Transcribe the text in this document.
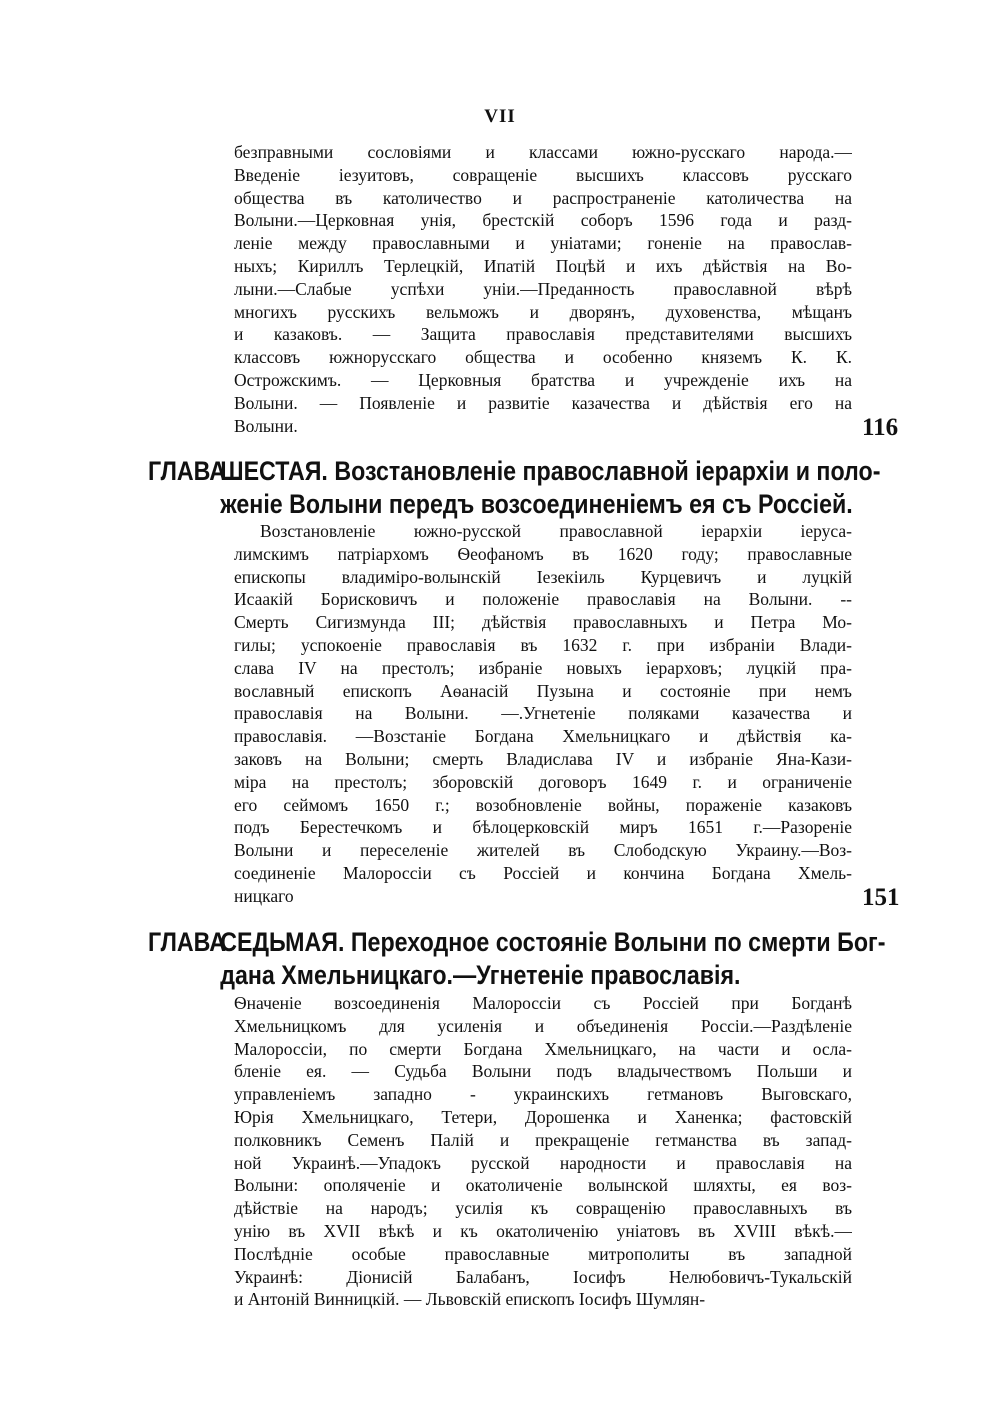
VII

безправными сословіями и классами южно-русскаго народа.—
Введеніе іезуитовъ, совращеніе высшихъ классовъ русскаго
общества въ католичество и распространеніе католичества на
Волыни.—Церковная унія, брестскій соборъ 1596 года и разд-
леніе между православными и уніатами; гоненіе на православ-
ныхъ; Кириллъ Терлецкій, Ипатій Поцѣй и ихъ дѣйствія на Во-
лыни.—Слабые успѣхи уніи.—Преданность православной вѣрѣ
многихъ русскихъ вельможъ и дворянъ, духовенства, мѣщанъ
и казаковъ. — Защита православія представителями высшихъ
классовъ южнорусскаго общества и особенно княземъ К. К.
Острожскимъ. — Церковныя братства и учрежденіе ихъ на
Волыни. — Появленіе и развитіе казачества и дѣйствія его на
Волыни.	116
ГЛАВАШЕСТАЯ. Возстановленіе православной іерархіи и поло-
женіе Волыни передъ возсоединеніемъ ея съ Россіей.

Возстановленіе южно-русской православной іерархіи іеруса-
лимскимъ патріархомъ Ѳеофаномъ въ 1620 году; православные
епископы владиміро-волынскій Іезекіиль Курцевичъ и луцкій
Исаакій Борисковичъ и положеніе православія на Волыни. --
Смерть Сигизмунда III; дѣйствія православныхъ и Петра Мо-
гилы; успокоеніе православія въ 1632 г. при избраніи Влади-
слава IV на престолъ; избраніе новыхъ іерарховъ; луцкій пра-
вославный епископъ Аѳанасій Пузына и состояніе при немъ
православія на Волыни. —.Угнетеніе поляками казачества и
православія. —Возстаніе Богдана Хмельницкаго и дѣйствія ка-
заковъ на Волыни; смерть Владислава IV и избраніе Яна-Кази-
міра на престолъ; зборовскій договоръ 1649 г. и ограниченіе
его сеймомъ 1650 г.; возобновленіе войны, пораженіе казаковъ
подъ Берестечкомъ и бѣлоцерковскій миръ 1651 г.—Разореніе
Волыни и переселеніе жителей въ Слободскую Украину.—Воз-
соединеніе Малороссіи съ Россіей и кончина Богдана Хмель-
ницкаго	151
ГЛАВАСЕДЬМАЯ. Переходное состояніе Волыни по смерти Бог-
дана Хмельницкаго.—Угнетеніе православія.

Ѳначеніе возсоединенія Малороссіи съ Россіей при Богданѣ
Хмельницкомъ для усиленія и объединенія Россіи.—Раздѣленіе
Малороссіи, по смерти Богдана Хмельницкаго, на части и осла-
бленіе ея. — Судьба Волыни подъ владычествомъ Польши и
управленіемъ западно - украинскихъ гетмановъ Выговскаго,
Юрія Хмельницкаго, Тетери, Дорошенка и Ханенка; фастовскій
полковникъ Семенъ Палій и прекращеніе гетманства въ запад-
ной Украинѣ.—Упадокъ русской народности и православія на
Волыни: ополяченіе и окатоличеніе волынской шляхты, ея воз-
дѣйствіе на народъ; усилія къ совращенію православныхъ въ
унію въ XVII вѣкѣ и къ окатоличенію уніатовъ въ XVIII вѣкѣ.—
Послѣдніе особые православные митрополиты въ западной
Украинѣ: Діонисій Балабанъ, Іосифъ Нелюбовичъ-Тукальскій
и Антоній Винницкій. — Львовскій епископъ Іосифъ Шумлян-
